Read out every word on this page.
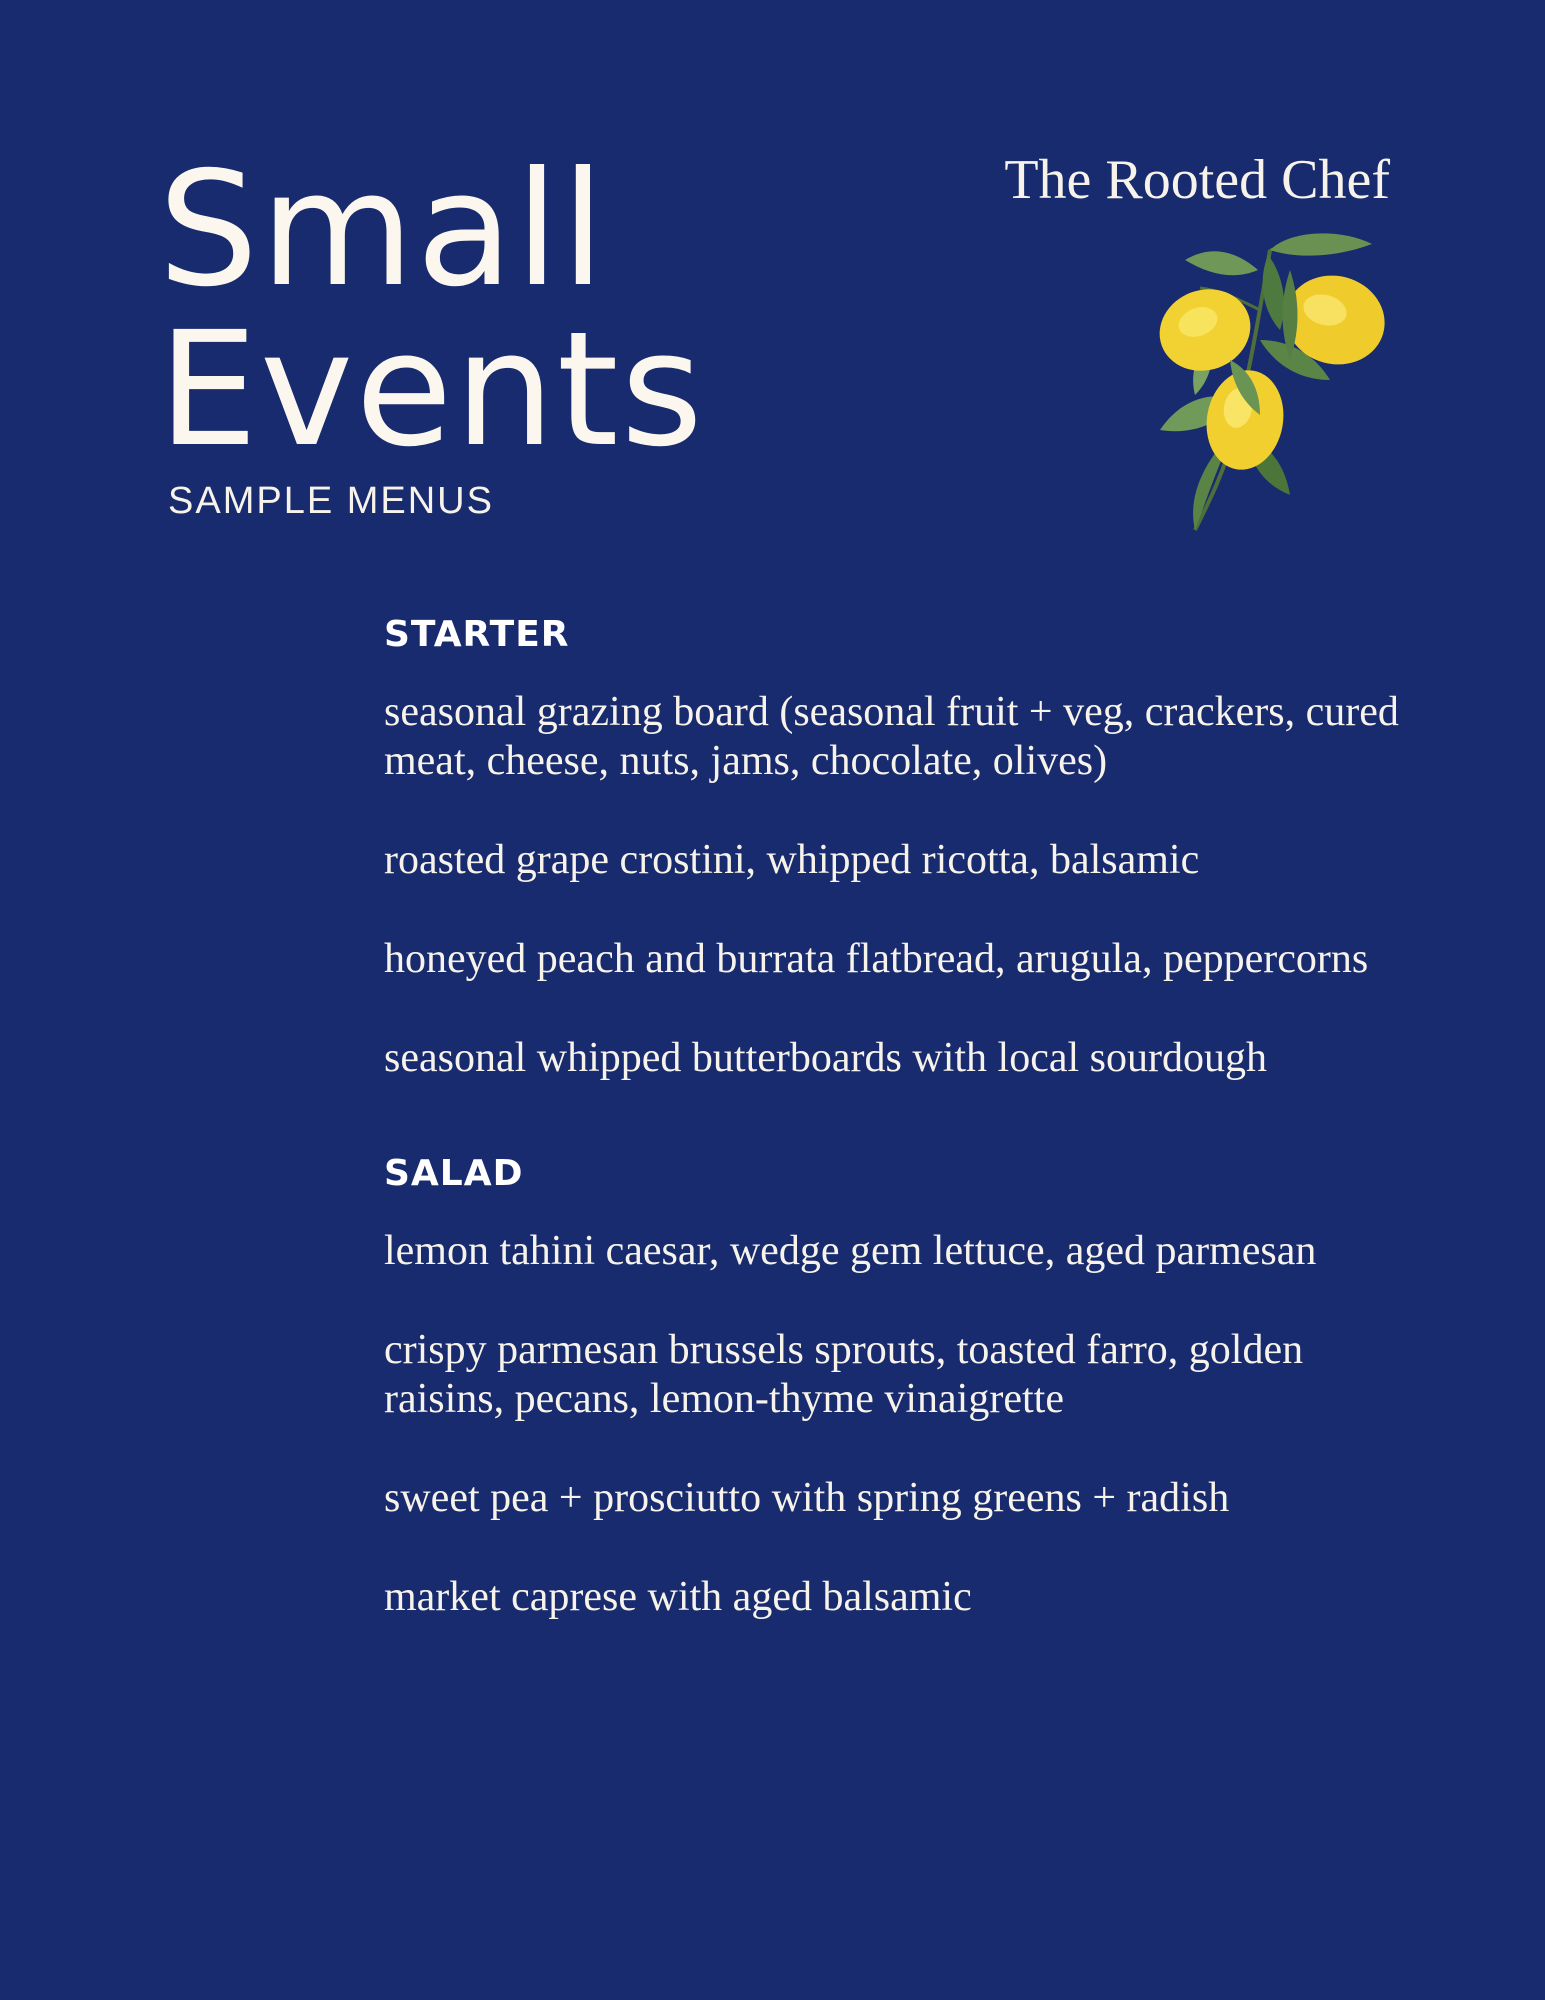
Small
Events
SAMPLE MENUS
The Rooted Chef
STARTER

seasonal grazing board (seasonal fruit + veg, crackers, cured meat, cheese, nuts, jams, chocolate, olives)

roasted grape crostini, whipped ricotta, balsamic

honeyed peach and burrata flatbread, arugula, peppercorns

seasonal whipped butterboards with local sourdough

SALAD

lemon tahini caesar, wedge gem lettuce, aged parmesan

crispy parmesan brussels sprouts, toasted farro, golden raisins, pecans, lemon-thyme vinaigrette

sweet pea + prosciutto with spring greens + radish

market caprese with aged balsamic
